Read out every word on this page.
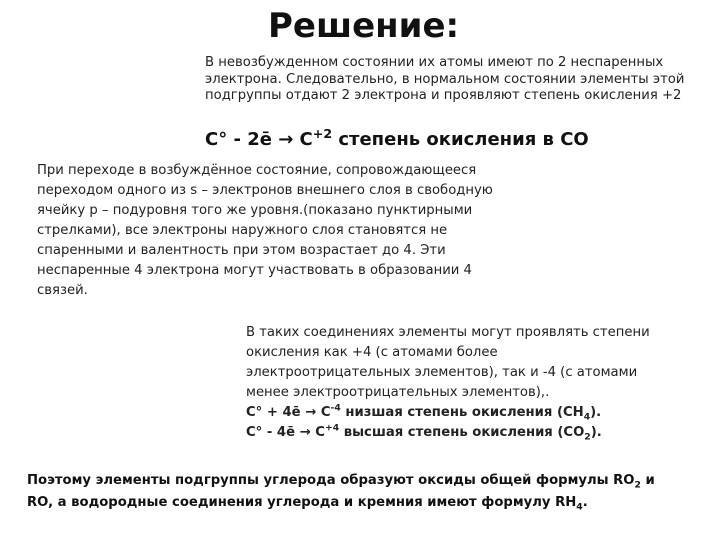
Решение:

В невозбужденном состоянии их атомы имеют по 2 неспаренных электрона. Следовательно, в нормальном состоянии элементы этой подгруппы отдают 2 электрона и проявляют степень окисления +2

C° - 2ē → $C^{+2}$ степень окисления в CO

При переходе в возбуждённое состояние, сопровождающееся переходом одного из s – электронов внешнего слоя в свободную ячейку p – подуровня того же уровня.(показано пунктирными стрелками), все электроны наружного слоя становятся не спаренными и валентность при этом возрастает до 4. Эти неспаренные 4 электрона могут участвовать в образовании 4 связей.

В таких соединениях элементы могут проявлять степени
окисления как +4 (с атомами более
электроотрицательных элементов), так и -4 (с атомами
менее электроотрицательных элементов),.
C° + 4ē → $C^{-4}$ низшая степень окисления $(CH_4)$.
C° - 4ē → $C^{+4}$ высшая степень окисления $(CO_2)$.
Поэтому элементы подгруппы углерода образуют оксиды общей формулы $RO_2$ и
RO, а водородные соединения углерода и кремния имеют формулу $RH_4$.
